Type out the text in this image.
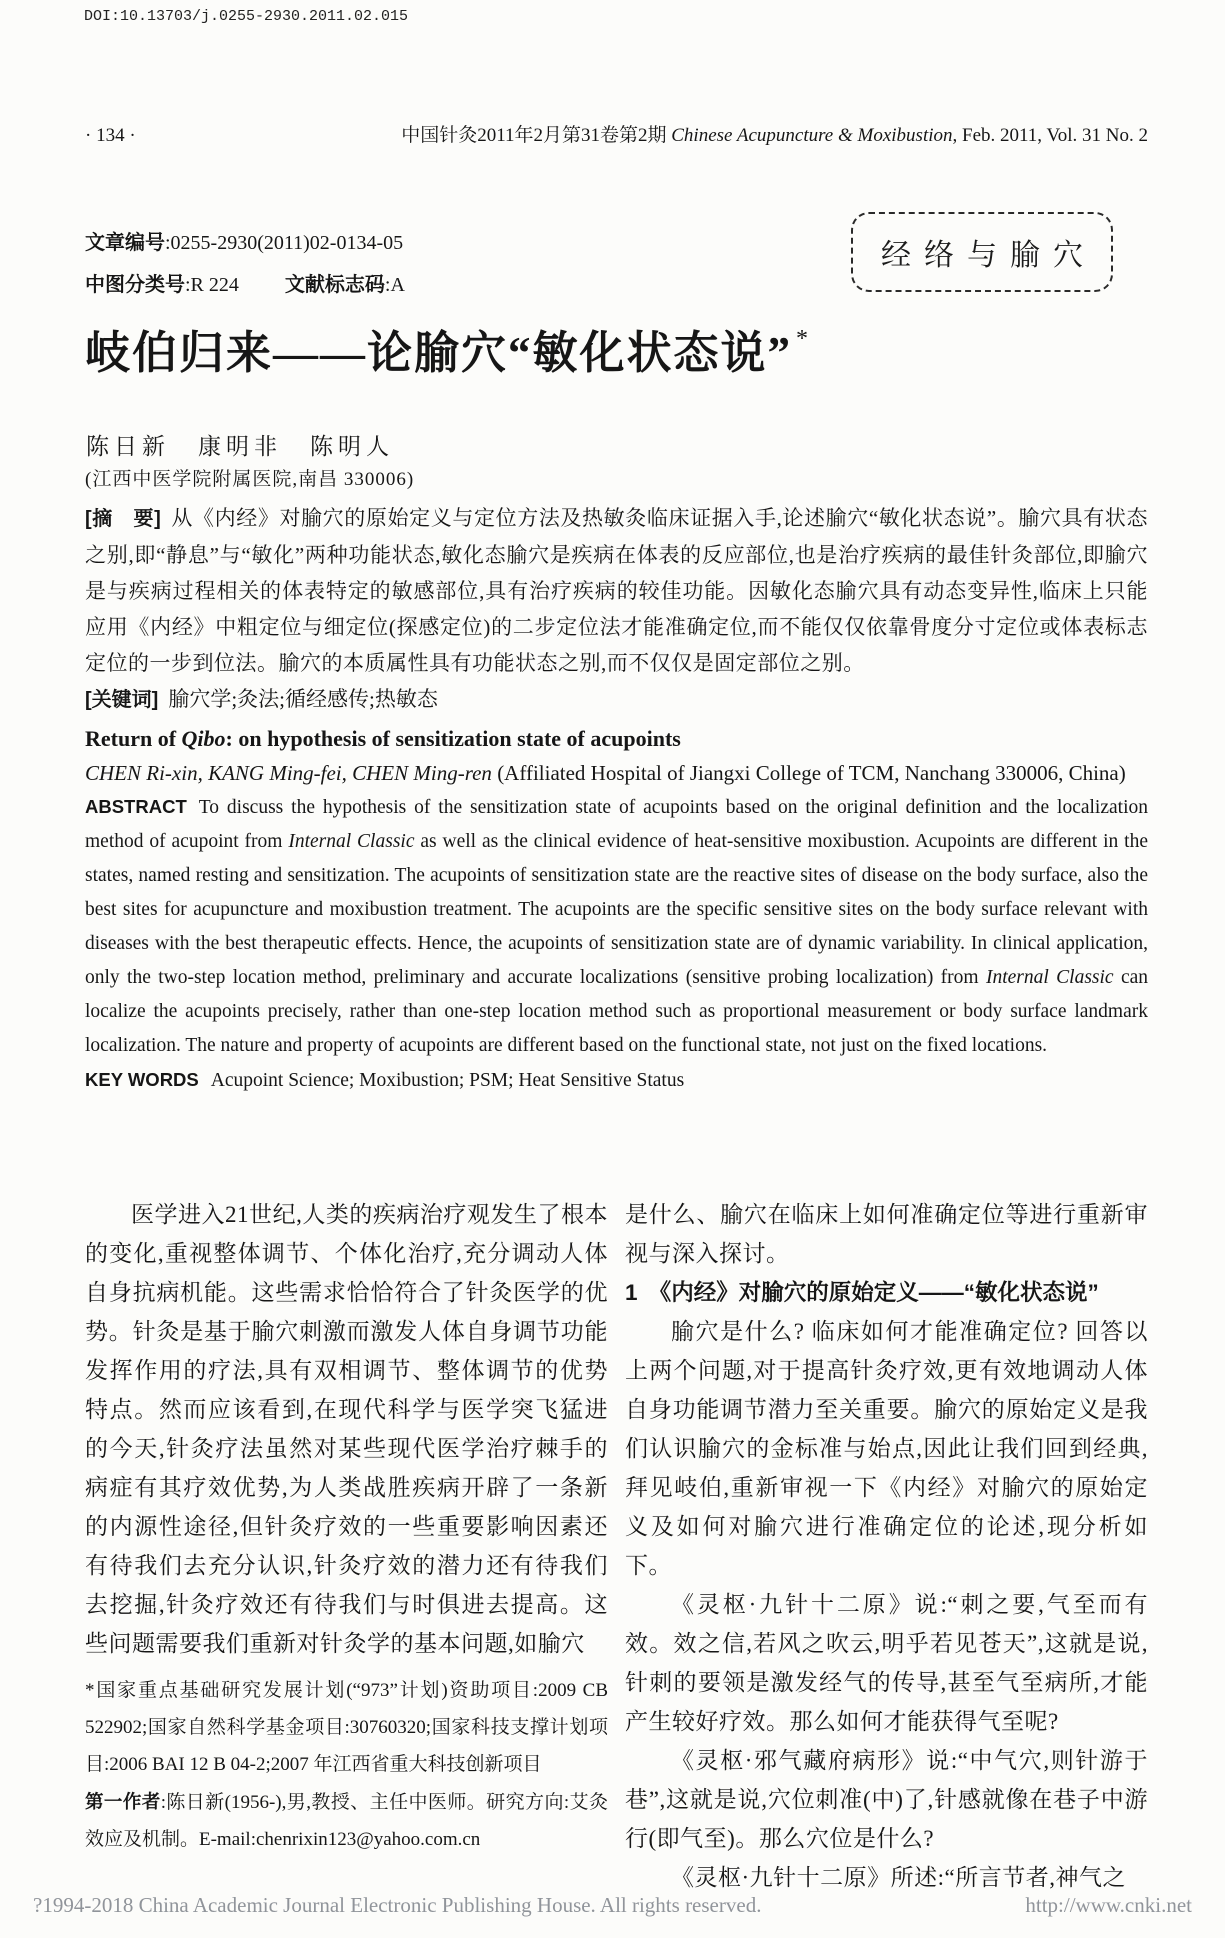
DOI:10.13703/j.0255-2930.2011.02.015
· 134 ·	中国针灸2011年2月第31卷第2期 Chinese Acupuncture & Moxibustion, Feb. 2011, Vol. 31 No. 2
文章编号:0255-2930(2011)02-0134-05
中图分类号:R 224 文献标志码:A
经络与腧穴
岐伯归来——论腧穴“敏化状态说” *
陈日新　康明非　陈明人
(江西中医学院附属医院,南昌 330006)
[摘　要] 从《内经》对腧穴的原始定义与定位方法及热敏灸临床证据入手,论述腧穴“敏化状态说”。腧穴具有状态之别,即“静息”与“敏化”两种功能状态,敏化态腧穴是疾病在体表的反应部位,也是治疗疾病的最佳针灸部位,即腧穴是与疾病过程相关的体表特定的敏感部位,具有治疗疾病的较佳功能。因敏化态腧穴具有动态变异性,临床上只能应用《内经》中粗定位与细定位(探感定位)的二步定位法才能准确定位,而不能仅仅依靠骨度分寸定位或体表标志定位的一步到位法。腧穴的本质属性具有功能状态之别,而不仅仅是固定部位之别。
[关键词] 腧穴学;灸法;循经感传;热敏态
Return of Qibo: on hypothesis of sensitization state of acupoints
CHEN Ri-xin, KANG Ming-fei, CHEN Ming-ren (Affiliated Hospital of Jiangxi College of TCM, Nanchang 330006, China)
ABSTRACT To discuss the hypothesis of the sensitization state of acupoints based on the original definition and the localization method of acupoint from Internal Classic as well as the clinical evidence of heat-sensitive moxibustion. Acupoints are different in the states, named resting and sensitization. The acupoints of sensitization state are the reactive sites of disease on the body surface, also the best sites for acupuncture and moxibustion treatment. The acupoints are the specific sensitive sites on the body surface relevant with diseases with the best therapeutic effects. Hence, the acupoints of sensitization state are of dynamic variability. In clinical application, only the two-step location method, preliminary and accurate localizations (sensitive probing localization) from Internal Classic can localize the acupoints precisely, rather than one-step location method such as proportional measurement or body surface landmark localization. The nature and property of acupoints are different based on the functional state, not just on the fixed locations.
KEY WORDS Acupoint Science; Moxibustion; PSM; Heat Sensitive Status

医学进入21世纪,人类的疾病治疗观发生了根本的变化,重视整体调节、个体化治疗,充分调动人体自身抗病机能。这些需求恰恰符合了针灸医学的优势。针灸是基于腧穴刺激而激发人体自身调节功能发挥作用的疗法,具有双相调节、整体调节的优势特点。然而应该看到,在现代科学与医学突飞猛进的今天,针灸疗法虽然对某些现代医学治疗棘手的病症有其疗效优势,为人类战胜疾病开辟了一条新的内源性途径,但针灸疗效的一些重要影响因素还有待我们去充分认识,针灸疗效的潜力还有待我们去挖掘,针灸疗效还有待我们与时俱进去提高。这些问题需要我们重新对针灸学的基本问题,如腧穴

*国家重点基础研究发展计划(“973”计划)资助项目:2009 CB 522902;国家自然科学基金项目:30760320;国家科技支撑计划项目:2006 BAI 12 B 04-2;2007 年江西省重大科技创新项目

第一作者:陈日新(1956-),男,教授、主任中医师。研究方向:艾灸效应及机制。E-mail:chenrixin123@yahoo.com.cn

是什么、腧穴在临床上如何准确定位等进行重新审视与深入探讨。

1　《内经》对腧穴的原始定义——“敏化状态说”

腧穴是什么? 临床如何才能准确定位? 回答以上两个问题,对于提高针灸疗效,更有效地调动人体自身功能调节潜力至关重要。腧穴的原始定义是我们认识腧穴的金标准与始点,因此让我们回到经典,拜见岐伯,重新审视一下《内经》对腧穴的原始定义及如何对腧穴进行准确定位的论述,现分析如下。

《灵枢·九针十二原》说:“刺之要,气至而有效。效之信,若风之吹云,明乎若见苍天”,这就是说,针刺的要领是激发经气的传导,甚至气至病所,才能产生较好疗效。那么如何才能获得气至呢?

《灵枢·邪气藏府病形》说:“中气穴,则针游于巷”,这就是说,穴位刺准(中)了,针感就像在巷子中游行(即气至)。那么穴位是什么?

《灵枢·九针十二原》所述:“所言节者,神气之

?1994-2018 China Academic Journal Electronic Publishing House. All rights reserved.	http://www.cnki.net
